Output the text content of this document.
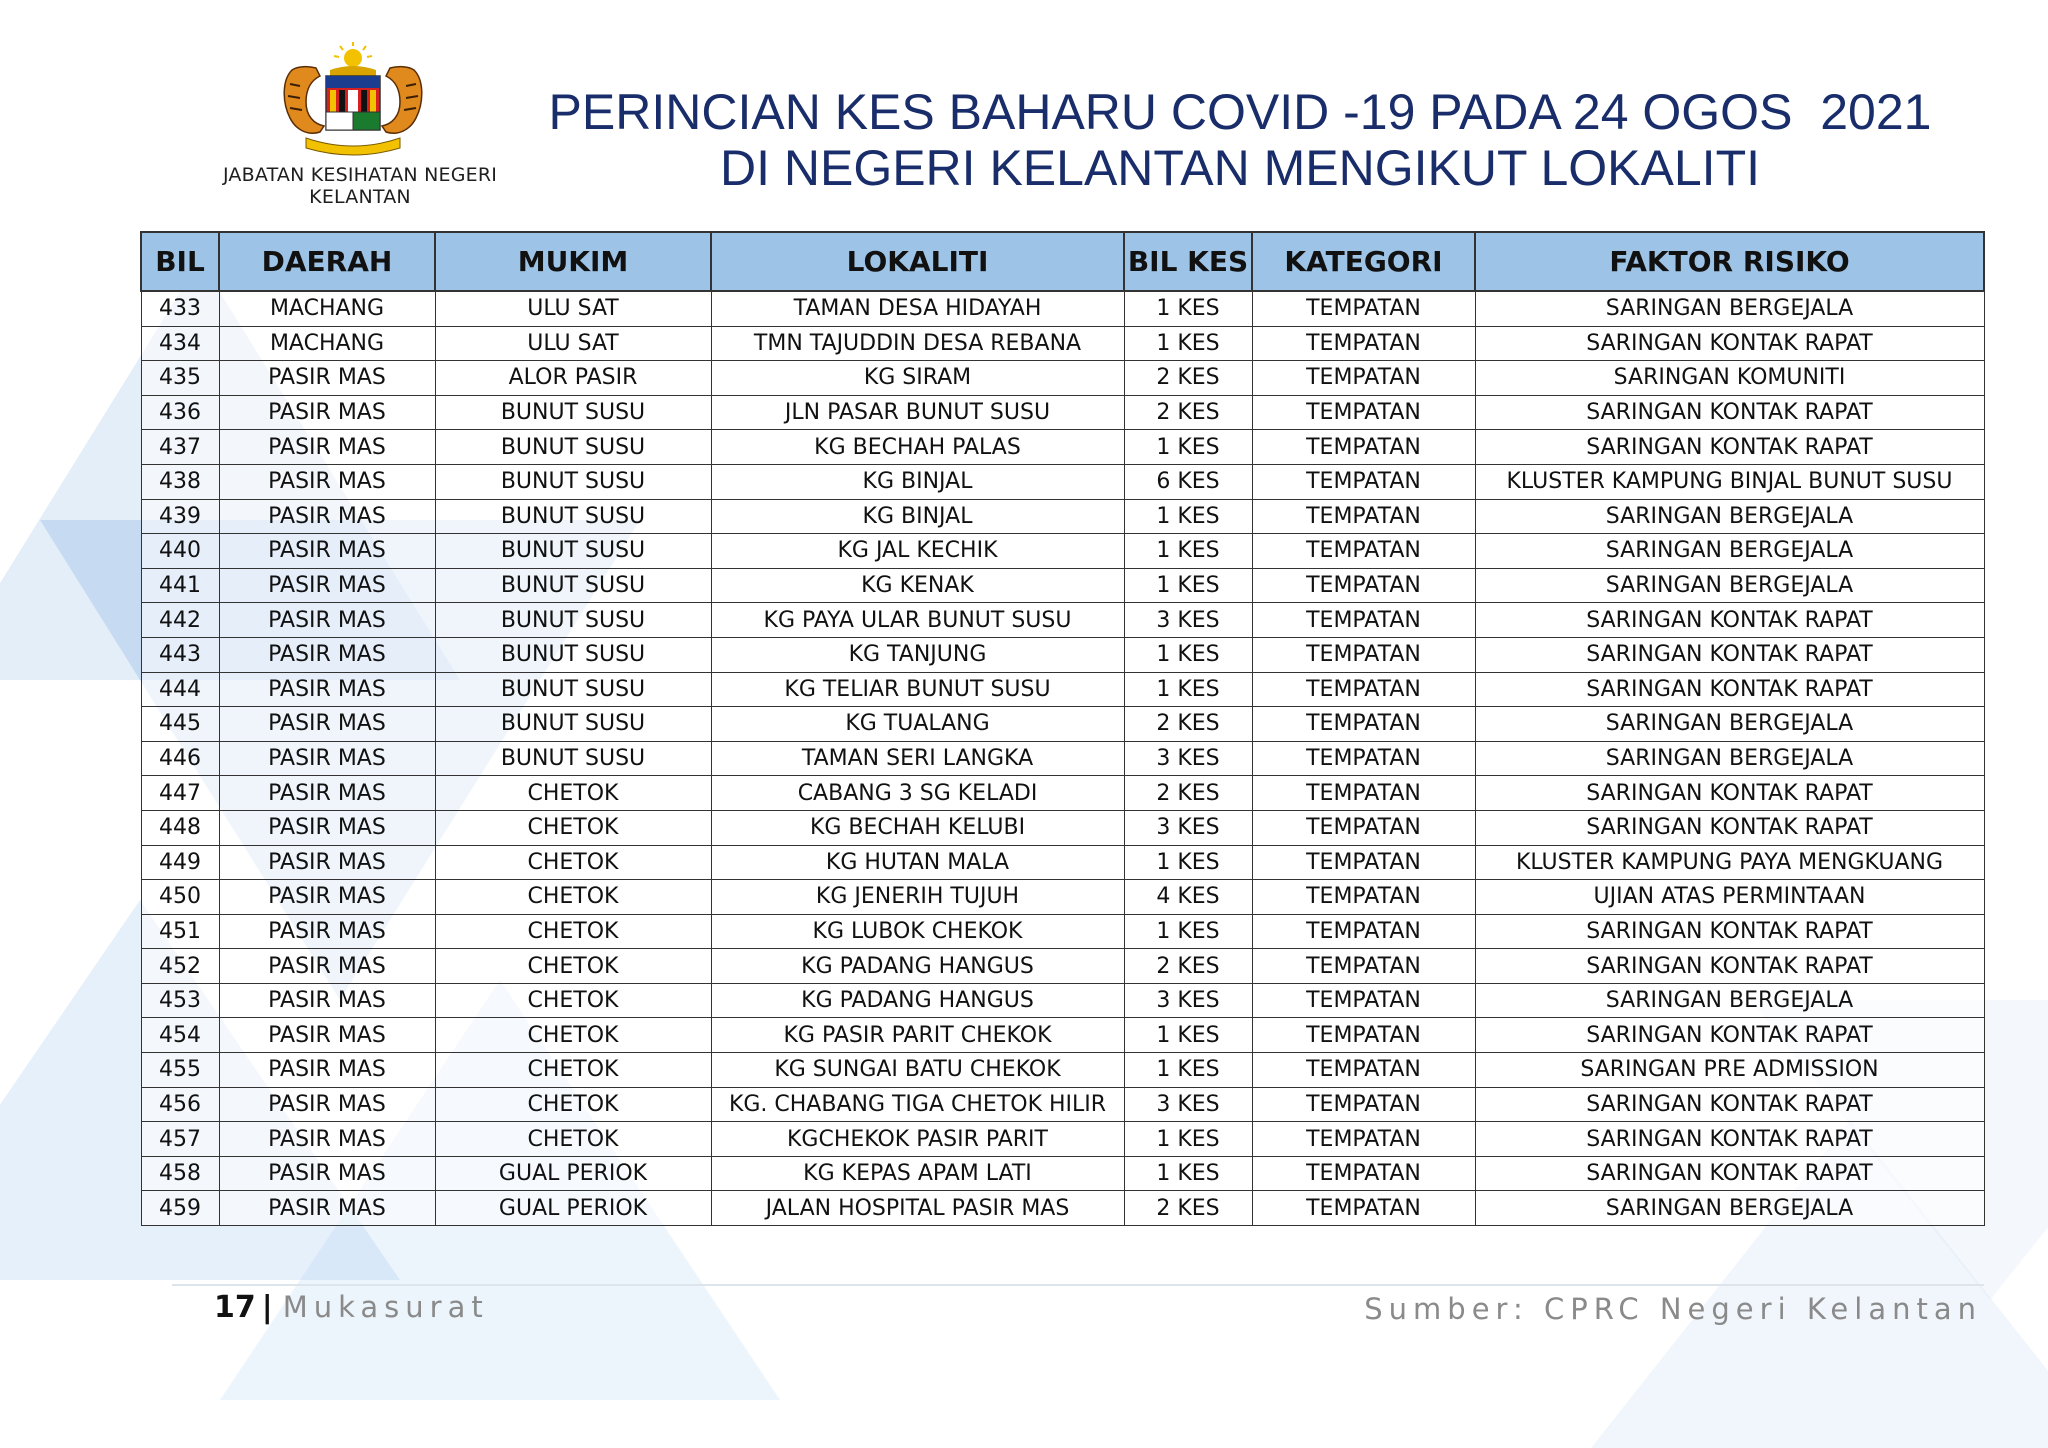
JABATAN KESIHATAN NEGERI KELANTAN
PERINCIAN KES BAHARU COVID -19 PADA 24 OGOS  2021
DI NEGERI KELANTAN MENGIKUT LOKALITI
BIL	DAERAH	MUKIM	LOKALITI	BIL KES	KATEGORI	FAKTOR RISIKO
433	MACHANG	ULU SAT	TAMAN DESA HIDAYAH	1 KES	TEMPATAN	SARINGAN BERGEJALA
434	MACHANG	ULU SAT	TMN TAJUDDIN DESA REBANA	1 KES	TEMPATAN	SARINGAN KONTAK RAPAT
435	PASIR MAS	ALOR PASIR	KG SIRAM	2 KES	TEMPATAN	SARINGAN KOMUNITI
436	PASIR MAS	BUNUT SUSU	JLN PASAR BUNUT SUSU	2 KES	TEMPATAN	SARINGAN KONTAK RAPAT
437	PASIR MAS	BUNUT SUSU	KG BECHAH PALAS	1 KES	TEMPATAN	SARINGAN KONTAK RAPAT
438	PASIR MAS	BUNUT SUSU	KG BINJAL	6 KES	TEMPATAN	KLUSTER KAMPUNG BINJAL BUNUT SUSU
439	PASIR MAS	BUNUT SUSU	KG BINJAL	1 KES	TEMPATAN	SARINGAN BERGEJALA
440	PASIR MAS	BUNUT SUSU	KG JAL KECHIK	1 KES	TEMPATAN	SARINGAN BERGEJALA
441	PASIR MAS	BUNUT SUSU	KG KENAK	1 KES	TEMPATAN	SARINGAN BERGEJALA
442	PASIR MAS	BUNUT SUSU	KG PAYA ULAR BUNUT SUSU	3 KES	TEMPATAN	SARINGAN KONTAK RAPAT
443	PASIR MAS	BUNUT SUSU	KG TANJUNG	1 KES	TEMPATAN	SARINGAN KONTAK RAPAT
444	PASIR MAS	BUNUT SUSU	KG TELIAR BUNUT SUSU	1 KES	TEMPATAN	SARINGAN KONTAK RAPAT
445	PASIR MAS	BUNUT SUSU	KG TUALANG	2 KES	TEMPATAN	SARINGAN BERGEJALA
446	PASIR MAS	BUNUT SUSU	TAMAN SERI LANGKA	3 KES	TEMPATAN	SARINGAN BERGEJALA
447	PASIR MAS	CHETOK	CABANG 3 SG KELADI	2 KES	TEMPATAN	SARINGAN KONTAK RAPAT
448	PASIR MAS	CHETOK	KG BECHAH KELUBI	3 KES	TEMPATAN	SARINGAN KONTAK RAPAT
449	PASIR MAS	CHETOK	KG HUTAN MALA	1 KES	TEMPATAN	KLUSTER KAMPUNG PAYA MENGKUANG
450	PASIR MAS	CHETOK	KG JENERIH TUJUH	4 KES	TEMPATAN	UJIAN ATAS PERMINTAAN
451	PASIR MAS	CHETOK	KG LUBOK CHEKOK	1 KES	TEMPATAN	SARINGAN KONTAK RAPAT
452	PASIR MAS	CHETOK	KG PADANG HANGUS	2 KES	TEMPATAN	SARINGAN KONTAK RAPAT
453	PASIR MAS	CHETOK	KG PADANG HANGUS	3 KES	TEMPATAN	SARINGAN BERGEJALA
454	PASIR MAS	CHETOK	KG PASIR PARIT CHEKOK	1 KES	TEMPATAN	SARINGAN KONTAK RAPAT
455	PASIR MAS	CHETOK	KG SUNGAI BATU CHEKOK	1 KES	TEMPATAN	SARINGAN PRE ADMISSION
456	PASIR MAS	CHETOK	KG. CHABANG TIGA CHETOK HILIR	3 KES	TEMPATAN	SARINGAN KONTAK RAPAT
457	PASIR MAS	CHETOK	KGCHEKOK PASIR PARIT	1 KES	TEMPATAN	SARINGAN KONTAK RAPAT
458	PASIR MAS	GUAL PERIOK	KG KEPAS APAM LATI	1 KES	TEMPATAN	SARINGAN KONTAK RAPAT
459	PASIR MAS	GUAL PERIOK	JALAN HOSPITAL PASIR MAS	2 KES	TEMPATAN	SARINGAN BERGEJALA
17 | Mukasurat	Sumber: CPRC Negeri Kelantan
